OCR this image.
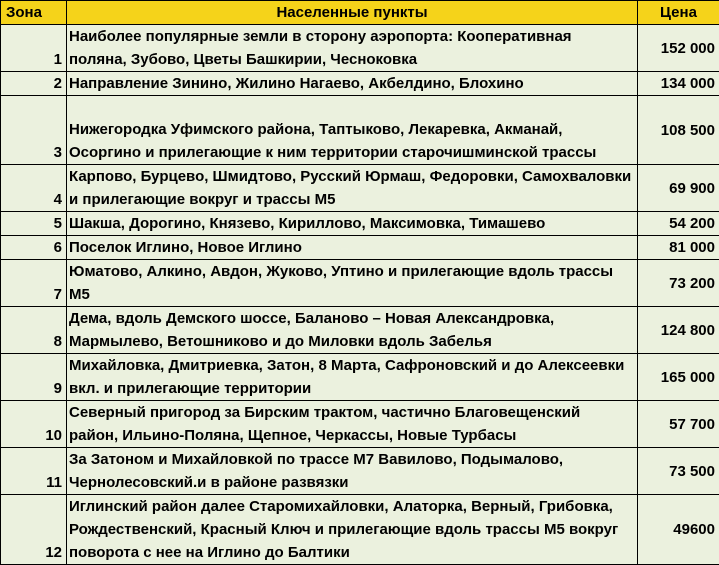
Зона	Населенные пункты	Цена
1	Наиболее популярные земли в сторону аэропорта: Кооперативная поляна, Зубово, Цветы Башкирии, Чесноковка	152 000
2	Направление Зинино, Жилино Нагаево, Акбелдино, Блохино	134 000
3	Нижегородка Уфимского района, Таптыково, Лекаревка, Акманай, Осоргино и прилегающие к ним территории старочишминской трассы	108 500
4	Карпово, Бурцево, Шмидтово, Русский Юрмаш, Федоровки, Самохваловки и прилегающие вокруг и трассы М5	69 900
5	Шакша, Дорогино, Князево, Кириллово, Максимовка, Тимашево	54 200
6	Поселок Иглино, Новое Иглино	81 000
7	Юматово, Алкино, Авдон, Жуково, Уптино и прилегающие вдоль трассы М5	73 200
8	Дема, вдоль Демского шоссе, Баланово – Новая Александровка, Мармылево, Ветошниково и до Миловки вдоль Забелья	124 800
9	Михайловка, Дмитриевка, Затон, 8 Марта, Сафроновский и до Алексеевки вкл. и прилегающие территории	165 000
10	Северный пригород за Бирским трактом, частично Благовещенский район, Ильино-Поляна, Щепное, Черкассы, Новые Турбасы	57 700
11	За Затоном и Михайловкой по трассе М7 Вавилово, Подымалово, Чернолесовский.и в районе развязки	73 500
12	Иглинский район далее Старомихайловки, Алаторка, Верный, Грибовка, Рождественский, Красный Ключ и прилегающие вдоль трассы М5 вокруг поворота с нее на Иглино до Балтики	49600
